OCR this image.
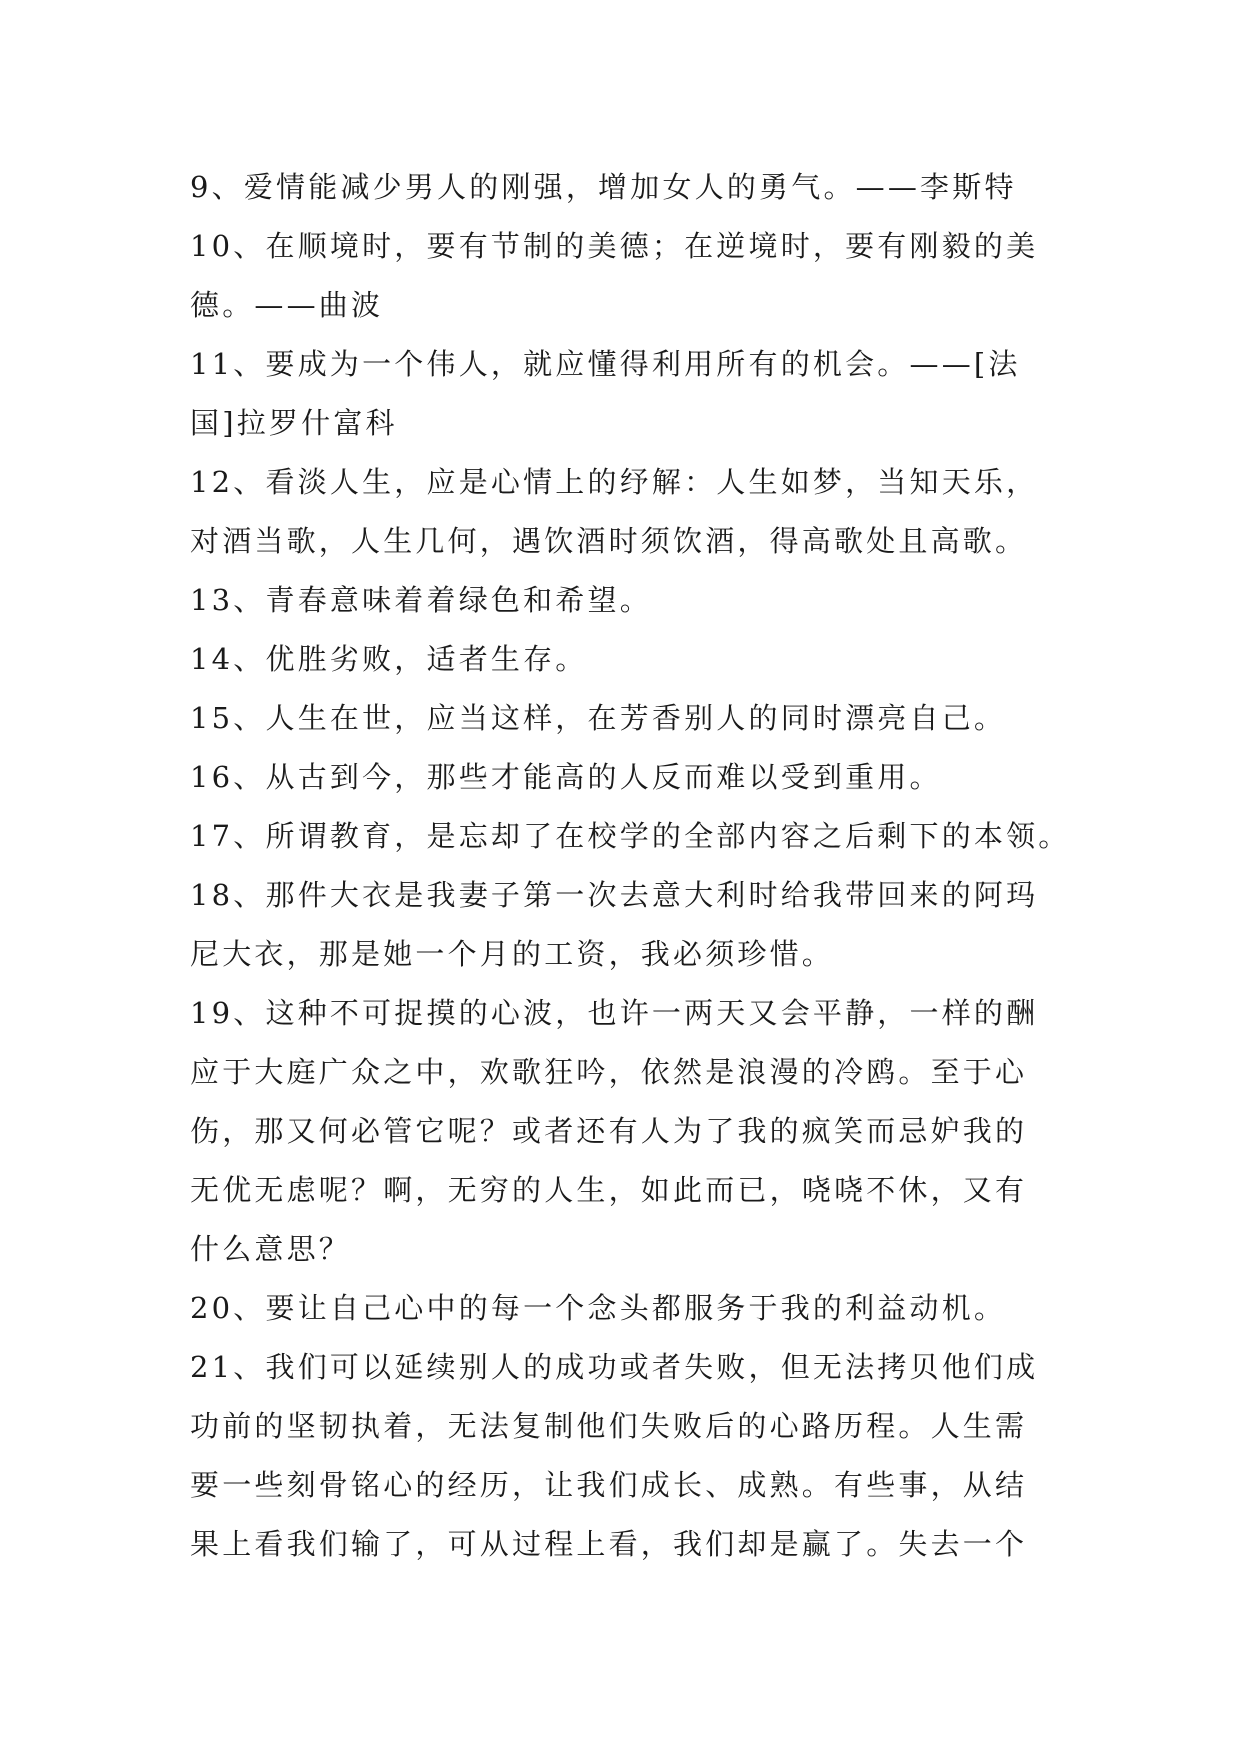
9、爱情能减少男人的刚强，增加女人的勇气。——李斯特
10、在顺境时，要有节制的美德；在逆境时，要有刚毅的美
德。——曲波
11、要成为一个伟人，就应懂得利用所有的机会。——[法
国]拉罗什富科
12、看淡人生，应是心情上的纾解：人生如梦，当知天乐，
对酒当歌，人生几何，遇饮酒时须饮酒，得高歌处且高歌。
13、青春意味着着绿色和希望。
14、优胜劣败，适者生存。
15、人生在世，应当这样，在芳香别人的同时漂亮自己。
16、从古到今，那些才能高的人反而难以受到重用。
17、所谓教育，是忘却了在校学的全部内容之后剩下的本领。
18、那件大衣是我妻子第一次去意大利时给我带回来的阿玛
尼大衣，那是她一个月的工资，我必须珍惜。
19、这种不可捉摸的心波，也许一两天又会平静，一样的酬
应于大庭广众之中，欢歌狂吟，依然是浪漫的冷鸥。至于心
伤，那又何必管它呢？或者还有人为了我的疯笑而忌妒我的
无优无虑呢？啊，无穷的人生，如此而已，哓哓不休，又有
什么意思？
20、要让自己心中的每一个念头都服务于我的利益动机。
21、我们可以延续别人的成功或者失败，但无法拷贝他们成
功前的坚韧执着，无法复制他们失败后的心路历程。人生需
要一些刻骨铭心的经历，让我们成长、成熟。有些事，从结
果上看我们输了，可从过程上看，我们却是赢了。失去一个
